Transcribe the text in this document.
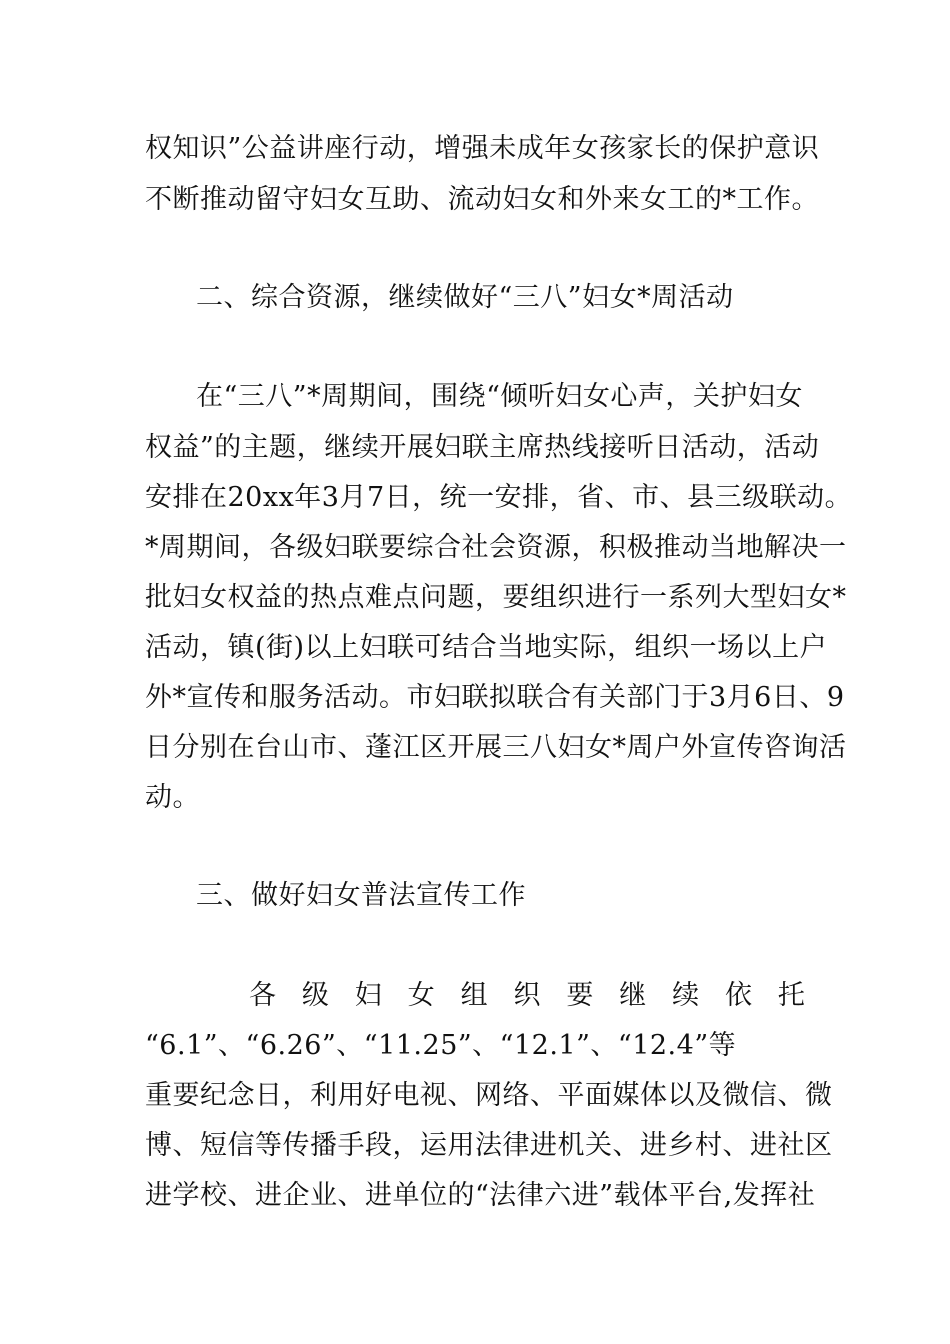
权知识”公益讲座行动，增强未成年女孩家长的保护意识
不断推动留守妇女互助、流动妇女和外来女工的*工作。
二、综合资源，继续做好“三八”妇女*周活动
在“三八”*周期间，围绕“倾听妇女心声，关护妇女
权益”的主题，继续开展妇联主席热线接听日活动，活动
安排在20xx年3月7日，统一安排，省、市、县三级联动。
*周期间，各级妇联要综合社会资源，积极推动当地解决一
批妇女权益的热点难点问题，要组织进行一系列大型妇女*
活动，镇(街)以上妇联可结合当地实际，组织一场以上户
外*宣传和服务活动。市妇联拟联合有关部门于3月6日、9
日分别在台山市、蓬江区开展三八妇女*周户外宣传咨询活
动。
三、做好妇女普法宣传工作
各 级 妇 女 组 织 要 继 续 依 托
“6.1”、“6.26”、“11.25”、“12.1”、“12.4”等
重要纪念日，利用好电视、网络、平面媒体以及微信、微
博、短信等传播手段，运用法律进机关、进乡村、进社区
进学校、进企业、进单位的“法律六进”载体平台,发挥社
